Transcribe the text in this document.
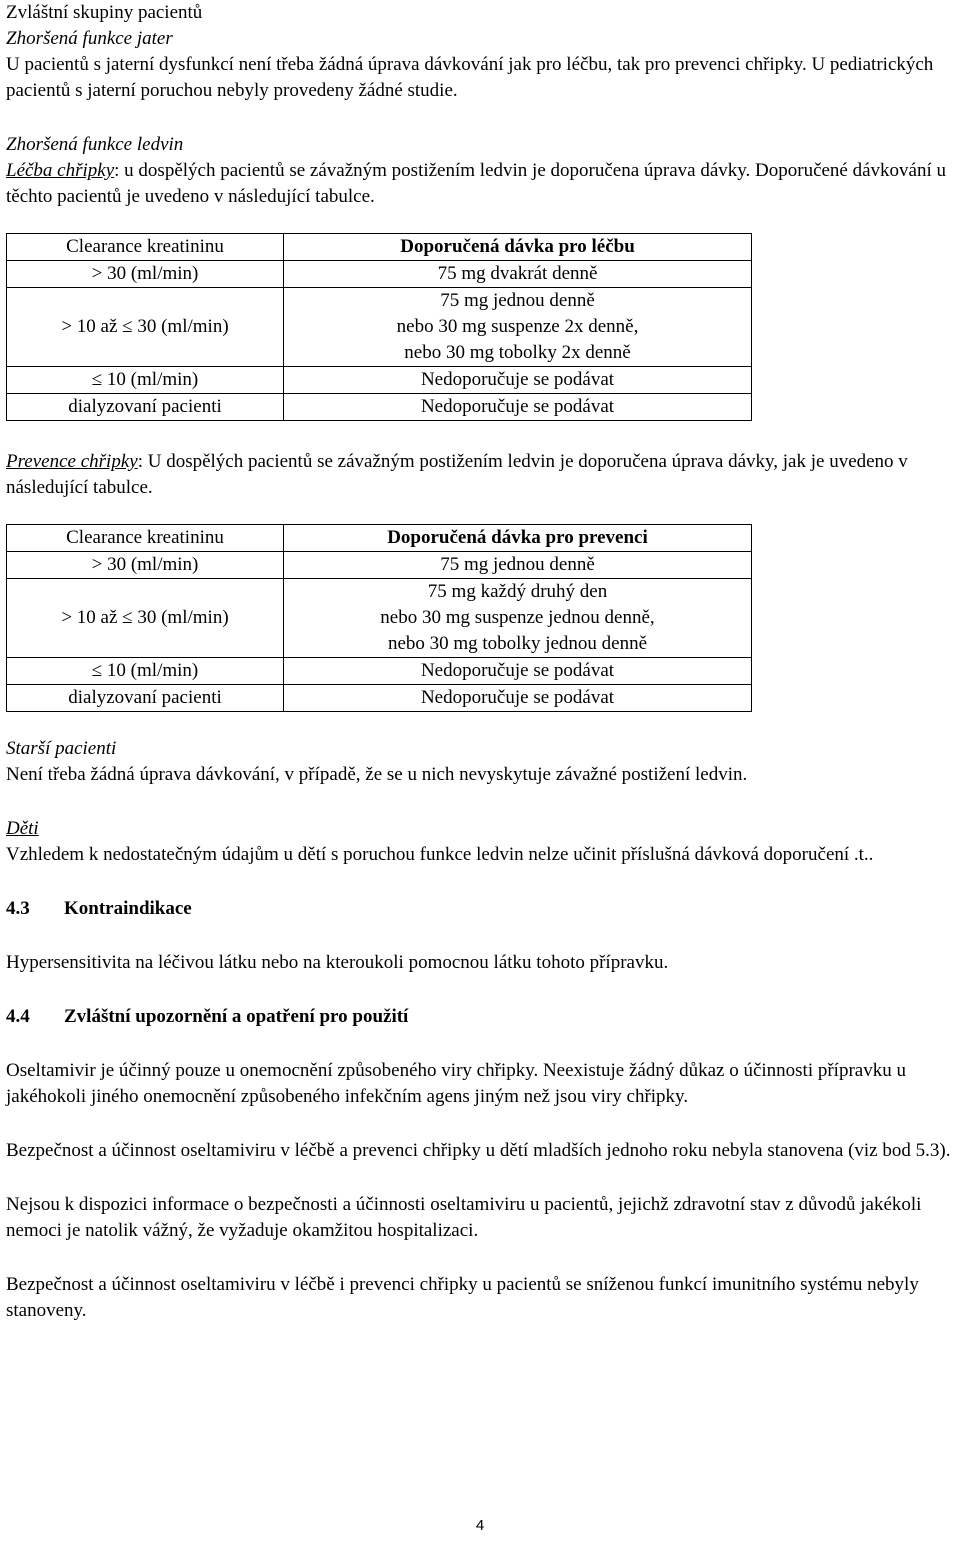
Zvláštní skupiny pacientů

Zhoršená funkce jater

U pacientů s jaterní dysfunkcí není třeba žádná úprava dávkování jak pro léčbu, tak pro prevenci chřipky. U pediatrických pacientů s jaterní poruchou nebyly provedeny žádné studie.

Zhoršená funkce ledvin

Léčba chřipky: u dospělých pacientů se závažným postižením ledvin je doporučena úprava dávky. Doporučené dávkování u těchto pacientů je uvedeno v následující tabulce.

Clearance kreatininu	Doporučená dávka pro léčbu
> 30 (ml/min)	75 mg dvakrát denně
> 10 až ≤ 30 (ml/min)	75 mg jednou denně
nebo 30 mg suspenze 2x denně,
nebo 30 mg tobolky 2x denně

≤ 10 (ml/min)	Nedoporučuje se podávat
dialyzovaní pacienti	Nedoporučuje se podávat

Prevence chřipky: U dospělých pacientů se závažným postižením ledvin je doporučena úprava dávky, jak je uvedeno v následující tabulce.

Clearance kreatininu	Doporučená dávka pro prevenci
> 30 (ml/min)	75 mg jednou denně
> 10 až ≤ 30 (ml/min)	75 mg každý druhý den
nebo 30 mg suspenze jednou denně,
nebo 30 mg tobolky jednou denně

≤ 10 (ml/min)	Nedoporučuje se podávat
dialyzovaní pacienti	Nedoporučuje se podávat

Starší pacienti

Není třeba žádná úprava dávkování, v případě, že se u nich nevyskytuje závažné postižení ledvin.

Děti

Vzhledem k nedostatečným údajům u dětí s poruchou funkce ledvin nelze učinit příslušná dávková doporučení .t..

4.3 Kontraindikace

Hypersensitivita na léčivou látku nebo na kteroukoli pomocnou látku tohoto přípravku.

4.4 Zvláštní upozornění a opatření pro použití

Oseltamivir je účinný pouze u onemocnění způsobeného viry chřipky. Neexistuje žádný důkaz o účinnosti přípravku u jakéhokoli jiného onemocnění způsobeného infekčním agens jiným než jsou viry chřipky.

Bezpečnost a účinnost oseltamiviru v léčbě a prevenci chřipky u dětí mladších jednoho roku nebyla stanovena (viz bod 5.3).

Nejsou k dispozici informace o bezpečnosti a účinnosti oseltamiviru u pacientů, jejichž zdravotní stav z důvodů jakékoli nemoci je natolik vážný, že vyžaduje okamžitou hospitalizaci.

Bezpečnost a účinnost oseltamiviru v léčbě i prevenci chřipky u pacientů se sníženou funkcí imunitního systému nebyly stanoveny.

4
